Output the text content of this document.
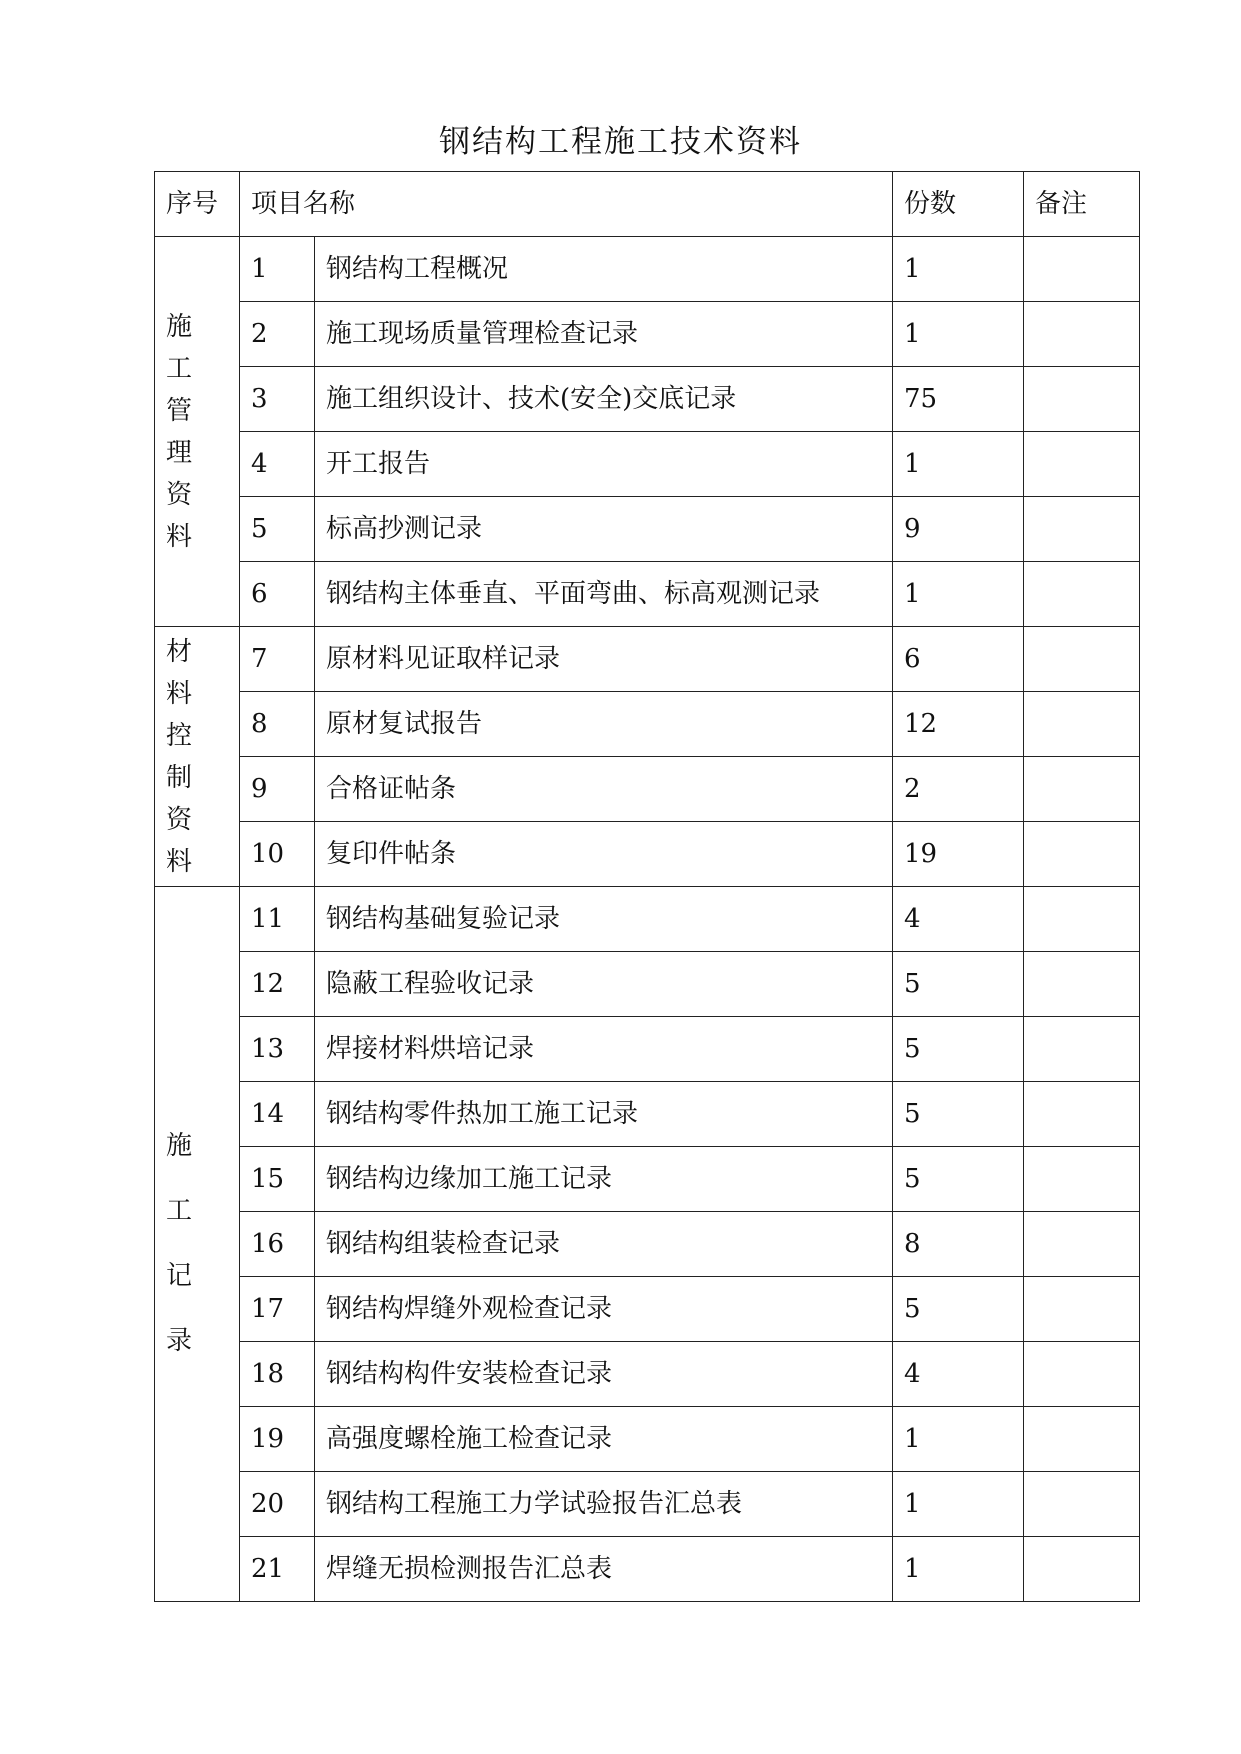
钢结构工程施工技术资料
序号	项目名称		份数	备注

施工管理资料	1	钢结构工程概况	1	
	2	施工现场质量管理检查记录	1	
	3	施工组织设计、技术(安全)交底记录	75	
	4	开工报告	1	
	5	标高抄测记录	9	
	6	钢结构主体垂直、平面弯曲、标高观测记录	1	

材料控制资料	7	原材料见证取样记录	6	
	8	原材复试报告	12	
	9	合格证帖条	2	
	10	复印件帖条	19	

施工记录	11	钢结构基础复验记录	4	
	12	隐蔽工程验收记录	5	
	13	焊接材料烘培记录	5	
	14	钢结构零件热加工施工记录	5	
	15	钢结构边缘加工施工记录	5	
	16	钢结构组装检查记录	8	
	17	钢结构焊缝外观检查记录	5	
	18	钢结构构件安装检查记录	4	
	19	高强度螺栓施工检查记录	1	
	20	钢结构工程施工力学试验报告汇总表	1	
	21	焊缝无损检测报告汇总表	1	
